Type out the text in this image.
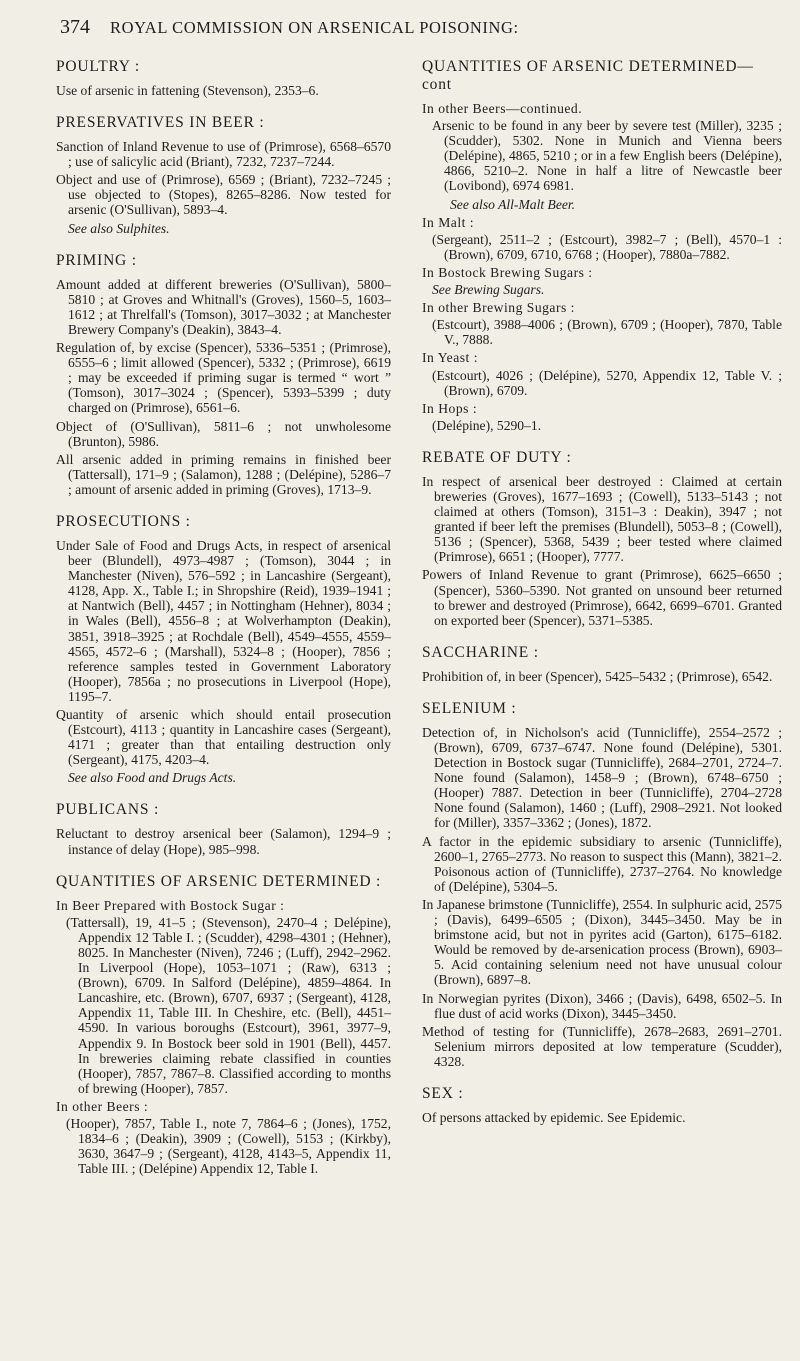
374 ROYAL COMMISSION ON ARSENICAL POISONING:
POULTRY :

Use of arsenic in fattening (Stevenson), 2353–6.

PRESERVATIVES IN BEER :

Sanction of Inland Revenue to use of (Primrose), 6568–6570 ; use of salicylic acid (Briant), 7232, 7237–7244.

Object and use of (Primrose), 6569 ; (Briant), 7232–7245 ; use objected to (Stopes), 8265–8286. Now tested for arsenic (O'Sullivan), 5893–4.

See also Sulphites.

PRIMING :

Amount added at different breweries (O'Sullivan), 5800–5810 ; at Groves and Whitnall's (Groves), 1560–5, 1603–1612 ; at Threlfall's (Tomson), 3017–3032 ; at Manchester Brewery Company's (Deakin), 3843–4.

Regulation of, by excise (Spencer), 5336–5351 ; (Primrose), 6555–6 ; limit allowed (Spencer), 5332 ; (Primrose), 6619 ; may be exceeded if priming sugar is termed “ wort ” (Tomson), 3017–3024 ; (Spencer), 5393–5399 ; duty charged on (Primrose), 6561–6.

Object of (O'Sullivan), 5811–6 ; not unwholesome (Brunton), 5986.

All arsenic added in priming remains in finished beer (Tattersall), 171–9 ; (Salamon), 1288 ; (Delépine), 5286–7 ; amount of arsenic added in priming (Groves), 1713–9.

PROSECUTIONS :

Under Sale of Food and Drugs Acts, in respect of arsenical beer (Blundell), 4973–4987 ; (Tomson), 3044 ; in Manchester (Niven), 576–592 ; in Lancashire (Sergeant), 4128, App. X., Table I.; in Shropshire (Reid), 1939–1941 ; at Nantwich (Bell), 4457 ; in Nottingham (Hehner), 8034 ; in Wales (Bell), 4556–8 ; at Wolverhampton (Deakin), 3851, 3918–3925 ; at Rochdale (Bell), 4549–4555, 4559–4565, 4572–6 ; (Marshall), 5324–8 ; (Hooper), 7856 ; reference samples tested in Government Laboratory (Hooper), 7856a ; no prosecutions in Liverpool (Hope), 1195–7.

Quantity of arsenic which should entail prosecution (Estcourt), 4113 ; quantity in Lancashire cases (Sergeant), 4171 ; greater than that entailing destruction only (Sergeant), 4175, 4203–4.

See also Food and Drugs Acts.

PUBLICANS :

Reluctant to destroy arsenical beer (Salamon), 1294–9 ; instance of delay (Hope), 985–998.

QUANTITIES OF ARSENIC DETERMINED :
In Beer Prepared with Bostock Sugar :

(Tattersall), 19, 41–5 ; (Stevenson), 2470–4 ; Delépine), Appendix 12 Table I. ; (Scudder), 4298–4301 ; (Hehner), 8025. In Manchester (Niven), 7246 ; (Luff), 2942–2962. In Liverpool (Hope), 1053–1071 ; (Raw), 6313 ; (Brown), 6709. In Salford (Delépine), 4859–4864. In Lancashire, etc. (Brown), 6707, 6937 ; (Sergeant), 4128, Appendix 11, Table III. In Cheshire, etc. (Bell), 4451–4590. In various boroughs (Estcourt), 3961, 3977–9, Appendix 9. In Bostock beer sold in 1901 (Bell), 4457. In breweries claiming rebate classified in counties (Hooper), 7857, 7867–8. Classified according to months of brewing (Hooper), 7857.

In other Beers :

(Hooper), 7857, Table I., note 7, 7864–6 ; (Jones), 1752, 1834–6 ; (Deakin), 3909 ; (Cowell), 5153 ; (Kirkby), 3630, 3647–9 ; (Sergeant), 4128, 4143–5, Appendix 11, Table III. ; (Delépine) Appendix 12, Table I.

QUANTITIES OF ARSENIC DETERMINED—cont
In other Beers—continued.

Arsenic to be found in any beer by severe test (Miller), 3235 ; (Scudder), 5302. None in Munich and Vienna beers (Delépine), 4865, 5210 ; or in a few English beers (Delépine), 4866, 5210–2. None in half a litre of Newcastle beer (Lovibond), 6974 6981.

See also All-Malt Beer.

In Malt :

(Sergeant), 2511–2 ; (Estcourt), 3982–7 ; (Bell), 4570–1 : (Brown), 6709, 6710, 6768 ; (Hooper), 7880a–7882.

In Bostock Brewing Sugars :

See Brewing Sugars.

In other Brewing Sugars :

(Estcourt), 3988–4006 ; (Brown), 6709 ; (Hooper), 7870, Table V., 7888.

In Yeast :

(Estcourt), 4026 ; (Delépine), 5270, Appendix 12, Table V. ; (Brown), 6709.

In Hops :

(Delépine), 5290–1.

REBATE OF DUTY :

In respect of arsenical beer destroyed : Claimed at certain breweries (Groves), 1677–1693 ; (Cowell), 5133–5143 ; not claimed at others (Tomson), 3151–3 : Deakin), 3947 ; not granted if beer left the premises (Blundell), 5053–8 ; (Cowell), 5136 ; (Spencer), 5368, 5439 ; beer tested where claimed (Primrose), 6651 ; (Hooper), 7777.

Powers of Inland Revenue to grant (Primrose), 6625–6650 ; (Spencer), 5360–5390. Not granted on unsound beer returned to brewer and destroyed (Primrose), 6642, 6699–6701. Granted on exported beer (Spencer), 5371–5385.

SACCHARINE :

Prohibition of, in beer (Spencer), 5425–5432 ; (Primrose), 6542.

SELENIUM :

Detection of, in Nicholson's acid (Tunnicliffe), 2554–2572 ; (Brown), 6709, 6737–6747. None found (Delépine), 5301. Detection in Bostock sugar (Tunnicliffe), 2684–2701, 2724–7. None found (Salamon), 1458–9 ; (Brown), 6748–6750 ; (Hooper) 7887. Detection in beer (Tunnicliffe), 2704–2728 None found (Salamon), 1460 ; (Luff), 2908–2921. Not looked for (Miller), 3357–3362 ; (Jones), 1872.

A factor in the epidemic subsidiary to arsenic (Tunnicliffe), 2600–1, 2765–2773. No reason to suspect this (Mann), 3821–2. Poisonous action of (Tunnicliffe), 2737–2764. No knowledge of (Delépine), 5304–5.

In Japanese brimstone (Tunnicliffe), 2554. In sulphuric acid, 2575 ; (Davis), 6499–6505 ; (Dixon), 3445–3450. May be in brimstone acid, but not in pyrites acid (Garton), 6175–6182. Would be removed by de-arsenication process (Brown), 6903–5. Acid containing selenium need not have unusual colour (Brown), 6897–8.

In Norwegian pyrites (Dixon), 3466 ; (Davis), 6498, 6502–5. In flue dust of acid works (Dixon), 3445–3450.

Method of testing for (Tunnicliffe), 2678–2683, 2691–2701. Selenium mirrors deposited at low temperature (Scudder), 4328.

SEX :

Of persons attacked by epidemic. See Epidemic.
